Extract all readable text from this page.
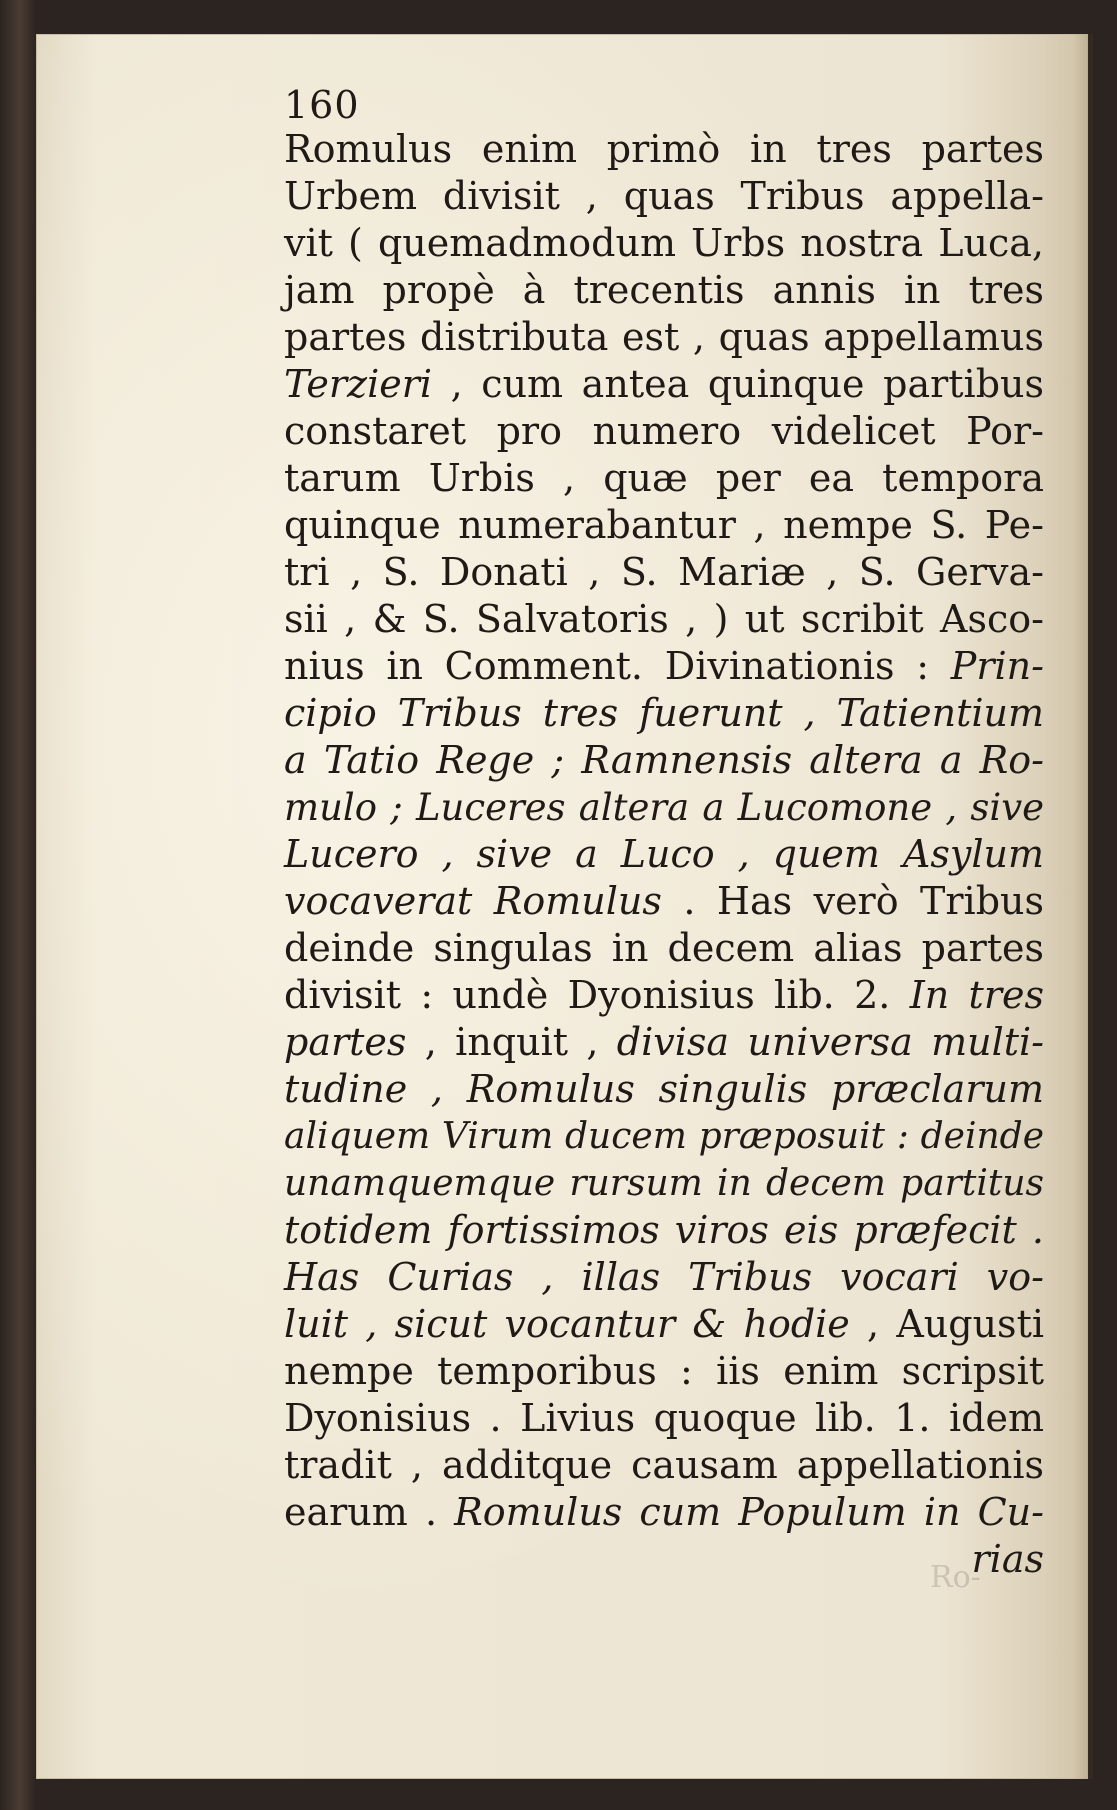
160
Romulus enim primò in tres partes
Urbem divisit , quas Tribus appella-
vit ( quemadmodum Urbs nostra Luca,
jam propè à trecentis annis in tres
partes distributa est , quas appellamus
Terzieri , cum antea quinque partibus
constaret pro numero videlicet Por-
tarum Urbis , quæ per ea tempora
quinque numerabantur , nempe S. Pe-
tri , S. Donati , S. Mariæ , S. Gerva-
sii , & S. Salvatoris , ) ut scribit Asco-
nius in Comment. Divinationis : Prin-
cipio Tribus tres fuerunt , Tatientium
a Tatio Rege ; Ramnensis altera a Ro-
mulo ; Luceres altera a Lucomone , sive
Lucero , sive a Luco , quem Asylum
vocaverat Romulus . Has verò Tribus
deinde singulas in decem alias partes
divisit : undè Dyonisius lib. 2. In tres
partes , inquit , divisa universa multi-
tudine , Romulus singulis præclarum
aliquem Virum ducem præposuit : deinde
unamquemque rursum in decem partitus
totidem fortissimos viros eis præfecit .
Has Curias , illas Tribus vocari vo-
luit , sicut vocantur & hodie , Augusti
nempe temporibus : iis enim scripsit
Dyonisius . Livius quoque lib. 1. idem
tradit , additque causam appellationis
earum . Romulus cum Populum in Cu-
rias
Ro-
